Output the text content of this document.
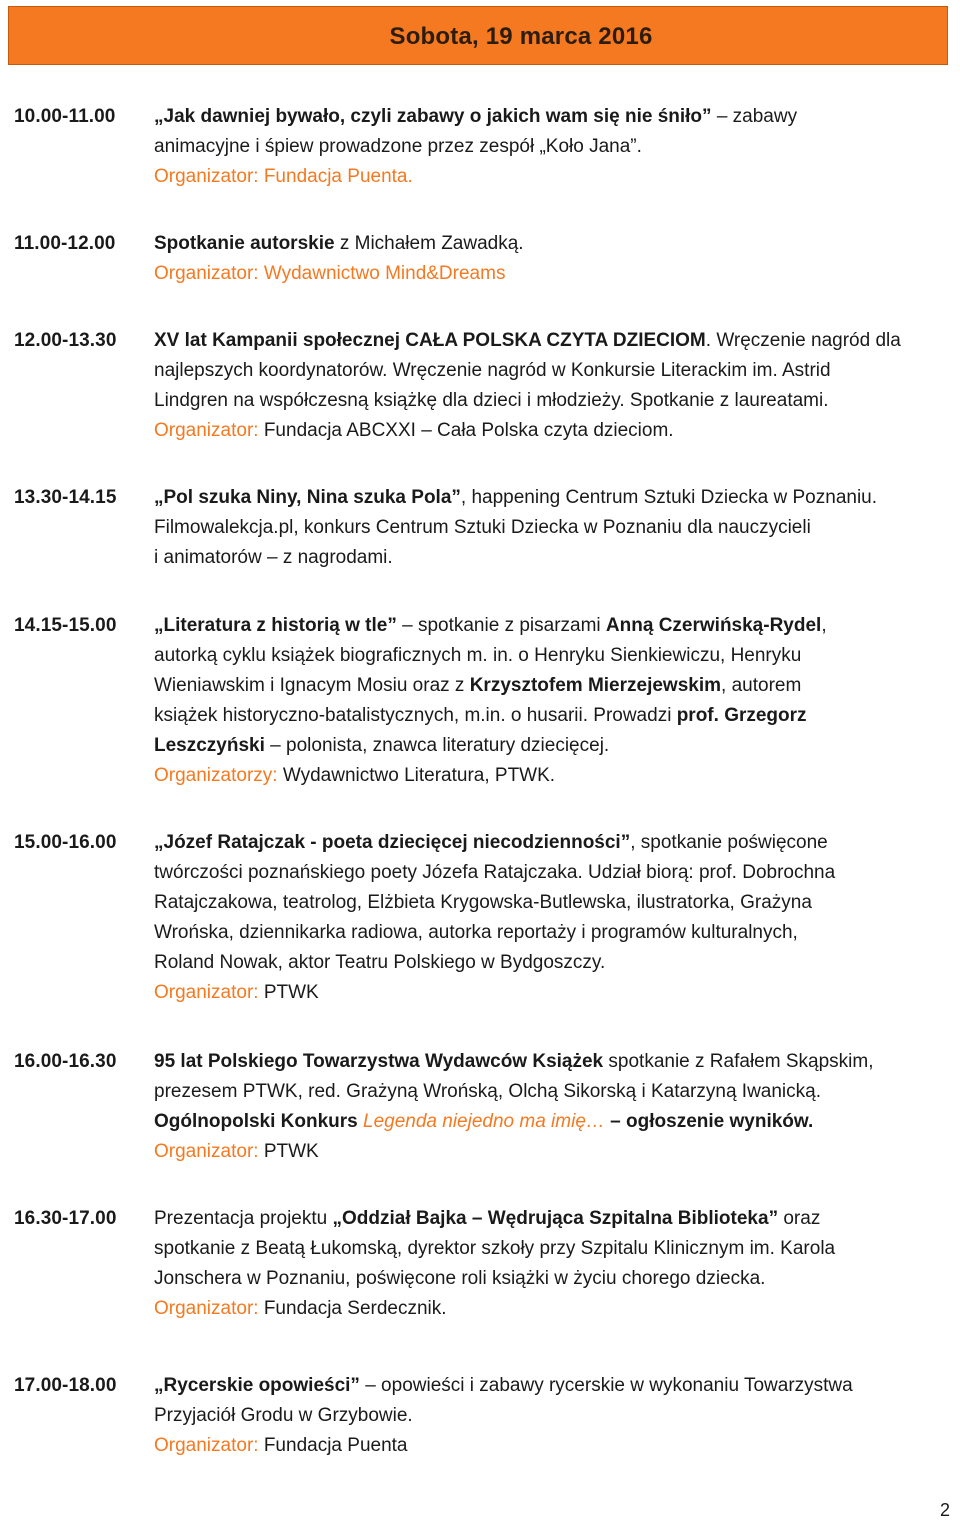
Sobota, 19 marca 2016
10.00-11.00 „Jak dawniej bywało, czyli zabawy o jakich wam się nie śniło” – zabawy
animacyjne i śpiew prowadzone przez zespół „Koło Jana”.
Organizator: Fundacja Puenta.
11.00-12.00 Spotkanie autorskie z Michałem Zawadką.
Organizator: Wydawnictwo Mind&Dreams
12.00-13.30 XV lat Kampanii społecznej CAŁA POLSKA CZYTA DZIECIOM. Wręczenie nagród dla
najlepszych koordynatorów. Wręczenie nagród w Konkursie Literackim im. Astrid
Lindgren na współczesną książkę dla dzieci i młodzieży. Spotkanie z laureatami.
Organizator: Fundacja ABCXXI – Cała Polska czyta dzieciom.
13.30-14.15 „Pol szuka Niny, Nina szuka Pola”, happening Centrum Sztuki Dziecka w Poznaniu.
Filmowalekcja.pl, konkurs Centrum Sztuki Dziecka w Poznaniu dla nauczycieli
i animatorów – z nagrodami.
14.15-15.00 „Literatura z historią w tle” – spotkanie z pisarzami Anną Czerwińską-Rydel,
autorką cyklu książek biograficznych m. in. o Henryku Sienkiewiczu, Henryku
Wieniawskim i Ignacym Mosiu oraz z Krzysztofem Mierzejewskim, autorem
książek historyczno-batalistycznych, m.in. o husarii. Prowadzi prof. Grzegorz
Leszczyński – polonista, znawca literatury dziecięcej.
Organizatorzy: Wydawnictwo Literatura, PTWK.
15.00-16.00 „Józef Ratajczak - poeta dziecięcej niecodzienności”, spotkanie poświęcone
twórczości poznańskiego poety Józefa Ratajczaka. Udział biorą: prof. Dobrochna
Ratajczakowa, teatrolog, Elżbieta Krygowska-Butlewska, ilustratorka, Grażyna
Wrońska, dziennikarka radiowa, autorka reportaży i programów kulturalnych,
Roland Nowak, aktor Teatru Polskiego w Bydgoszczy.
Organizator: PTWK
16.00-16.30 95 lat Polskiego Towarzystwa Wydawców Książek spotkanie z Rafałem Skąpskim,
prezesem PTWK, red. Grażyną Wrońską, Olchą Sikorską i Katarzyną Iwanicką.
Ogólnopolski Konkurs Legenda niejedno ma imię… – ogłoszenie wyników.
Organizator: PTWK
16.30-17.00 Prezentacja projektu „Oddział Bajka – Wędrująca Szpitalna Biblioteka” oraz
spotkanie z Beatą Łukomską, dyrektor szkoły przy Szpitalu Klinicznym im. Karola
Jonschera w Poznaniu, poświęcone roli książki w życiu chorego dziecka.
Organizator: Fundacja Serdecznik.
17.00-18.00 „Rycerskie opowieści” – opowieści i zabawy rycerskie w wykonaniu Towarzystwa
Przyjaciół Grodu w Grzybowie.
Organizator: Fundacja Puenta
2
